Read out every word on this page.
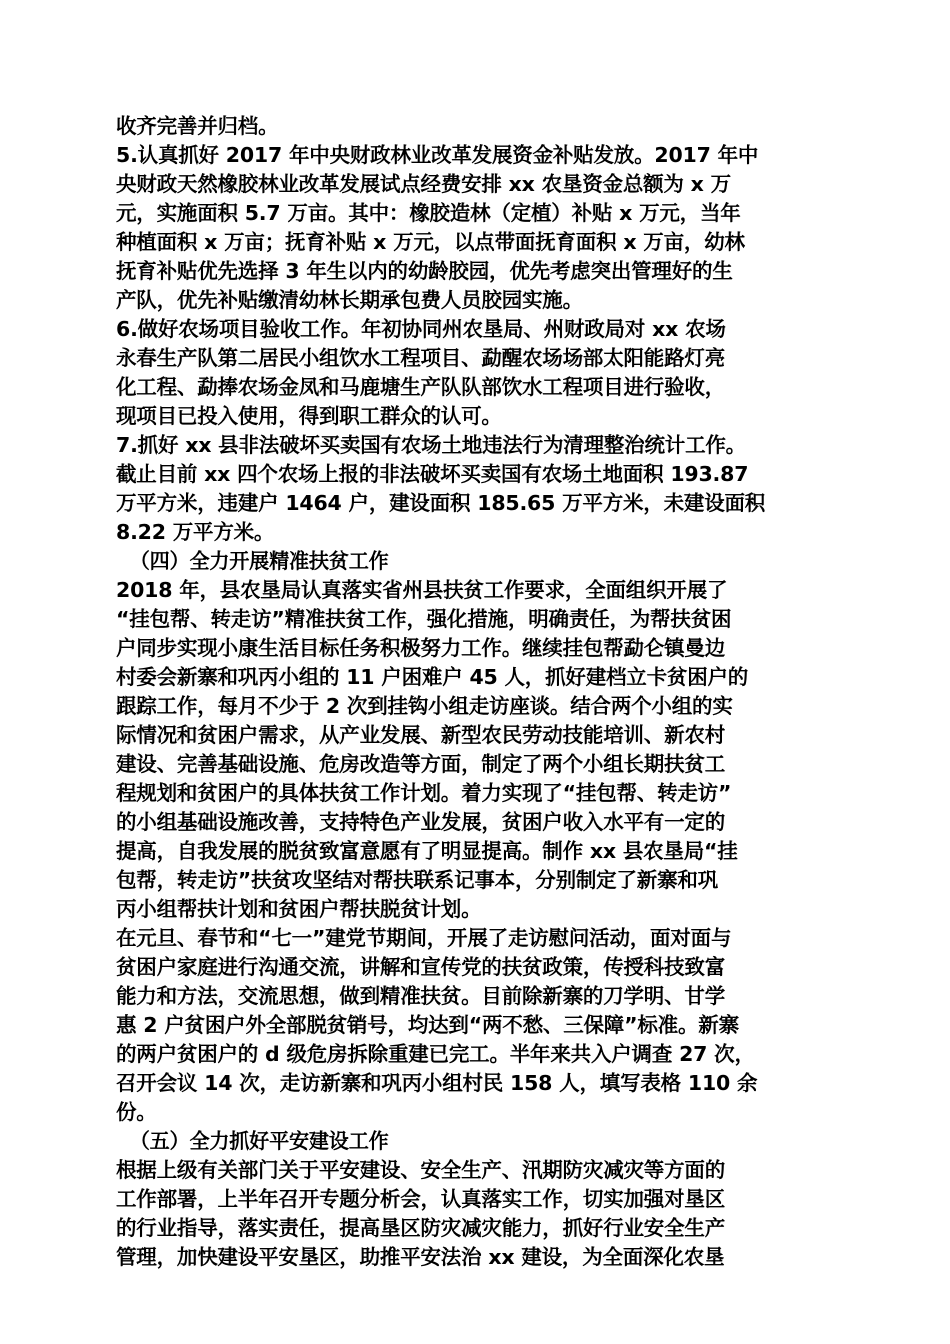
收齐完善并归档。
5.认真抓好 2017 年中央财政林业改革发展资金补贴发放。2017 年中
央财政天然橡胶林业改革发展试点经费安排 xx 农垦资金总额为 x 万
元，实施面积 5.7 万亩。其中：橡胶造林（定植）补贴 x 万元，当年
种植面积 x 万亩；抚育补贴 x 万元，以点带面抚育面积 x 万亩，幼林
抚育补贴优先选择 3 年生以内的幼龄胶园，优先考虑突出管理好的生
产队，优先补贴缴清幼林长期承包费人员胶园实施。
6.做好农场项目验收工作。年初协同州农垦局、州财政局对 xx 农场
永春生产队第二居民小组饮水工程项目、勐醒农场场部太阳能路灯亮
化工程、勐捧农场金凤和马鹿塘生产队队部饮水工程项目进行验收，
现项目已投入使用，得到职工群众的认可。
7.抓好 xx 县非法破坏买卖国有农场土地违法行为清理整治统计工作。
截止目前 xx 四个农场上报的非法破坏买卖国有农场土地面积 193.87
万平方米，违建户 1464 户，建设面积 185.65 万平方米，未建设面积
8.22 万平方米。
（四）全力开展精准扶贫工作
2018 年，县农垦局认真落实省州县扶贫工作要求，全面组织开展了
“挂包帮、转走访”精准扶贫工作，强化措施，明确责任，为帮扶贫困
户同步实现小康生活目标任务积极努力工作。继续挂包帮勐仑镇曼边
村委会新寨和巩丙小组的 11 户困难户 45 人，抓好建档立卡贫困户的
跟踪工作，每月不少于 2 次到挂钩小组走访座谈。结合两个小组的实
际情况和贫困户需求，从产业发展、新型农民劳动技能培训、新农村
建设、完善基础设施、危房改造等方面，制定了两个小组长期扶贫工
程规划和贫困户的具体扶贫工作计划。着力实现了“挂包帮、转走访”
的小组基础设施改善，支持特色产业发展，贫困户收入水平有一定的
提高，自我发展的脱贫致富意愿有了明显提高。制作 xx 县农垦局“挂
包帮，转走访”扶贫攻坚结对帮扶联系记事本，分别制定了新寨和巩
丙小组帮扶计划和贫困户帮扶脱贫计划。
在元旦、春节和“七一”建党节期间，开展了走访慰问活动，面对面与
贫困户家庭进行沟通交流，讲解和宣传党的扶贫政策，传授科技致富
能力和方法，交流思想，做到精准扶贫。目前除新寨的刀学明、甘学
惠 2 户贫困户外全部脱贫销号，均达到“两不愁、三保障”标准。新寨
的两户贫困户的 d 级危房拆除重建已完工。半年来共入户调查 27 次，
召开会议 14 次，走访新寨和巩丙小组村民 158 人，填写表格 110 余
份。
（五）全力抓好平安建设工作
根据上级有关部门关于平安建设、安全生产、汛期防灾减灾等方面的
工作部署，上半年召开专题分析会，认真落实工作，切实加强对垦区
的行业指导，落实责任，提高垦区防灾减灾能力，抓好行业安全生产
管理，加快建设平安垦区，助推平安法治 xx 建设，为全面深化农垦
